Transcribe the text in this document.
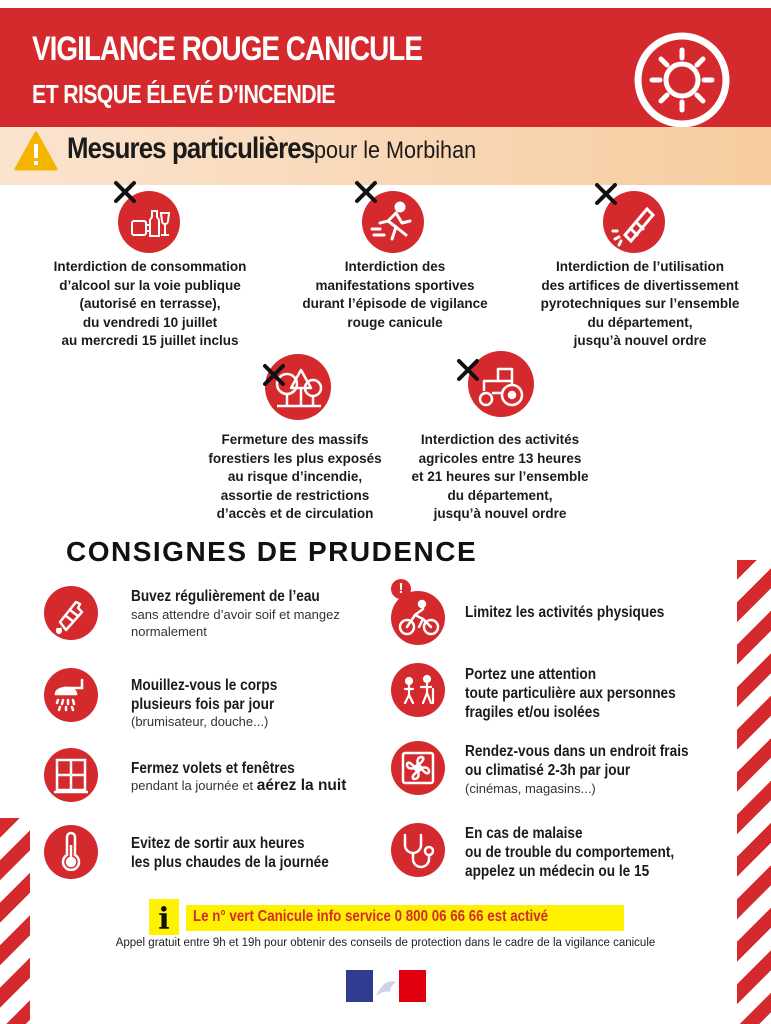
VIGILANCE ROUGE CANICULE
ET RISQUE ÉLEVÉ D’INCENDIE
Mesures particulières pour le Morbihan
Interdiction de consommation
d’alcool sur la voie publique
(autorisé en terrasse),
du vendredi 10 juillet
au mercredi 15 juillet inclus
Interdiction des
manifestations sportives
durant l’épisode de vigilance
rouge canicule
Interdiction de l’utilisation
des artifices de divertissement
pyrotechniques sur l’ensemble
du département,
jusqu’à nouvel ordre
Fermeture des massifs
forestiers les plus exposés
au risque d’incendie,
assortie de restrictions
d’accès et de circulation
Interdiction des activités
agricoles entre 13 heures
et 21 heures sur l’ensemble
du département,
jusqu’à nouvel ordre
CONSIGNES DE PRUDENCE
Buvez régulièrement de l’eau
sans attendre d’avoir soif et mangez
normalement
Mouillez-vous le corps
plusieurs fois par jour
(brumisateur, douche...)
Fermez volets et fenêtres
pendant la journée et aérez la nuit
Evitez de sortir aux heures
les plus chaudes de la journée
!
Limitez les activités physiques
Portez une attention
toute particulière aux personnes
fragiles et/ou isolées
Rendez-vous dans un endroit frais
ou climatisé 2-3h par jour
(cinémas, magasins...)
En cas de malaise
ou de trouble du comportement,
appelez un médecin ou le 15
i Le n° vert Canicule info service 0 800 06 66 66 est activé
Appel gratuit entre 9h et 19h pour obtenir des conseils de protection dans le cadre de la vigilance canicule
